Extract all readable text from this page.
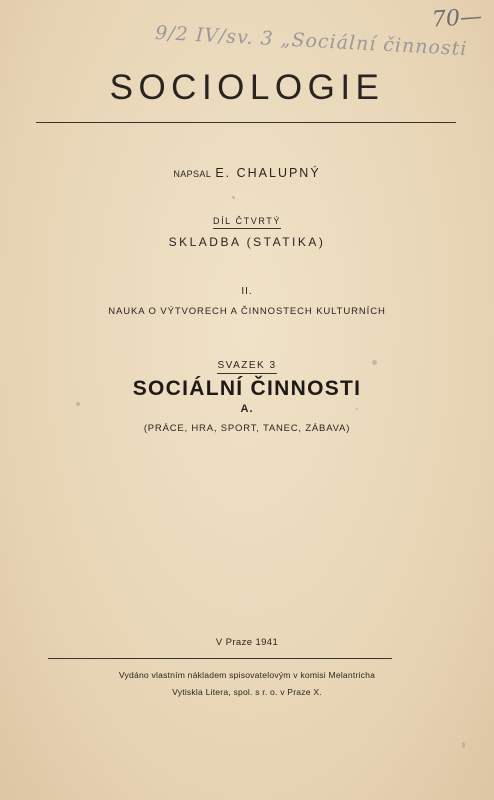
70—
9/2 IV/sv. 3 „Sociální činnosti
SOCIOLOGIE
NAPSAL E. CHALUPNÝ
DÍL ČTVRTÝ
SKLADBA (STATIKA)
II.
NAUKA O VÝTVORECH A ČINNOSTECH KULTURNÍCH
SVAZEK 3
SOCIÁLNÍ ČINNOSTI
A.
(PRÁCE, HRA, SPORT, TANEC, ZÁBAVA)
V Praze 1941
Vydáno vlastním nákladem spisovatelovým v komisi Melantricha
Vytiskla Litera, spol. s r. o. v Praze X.
